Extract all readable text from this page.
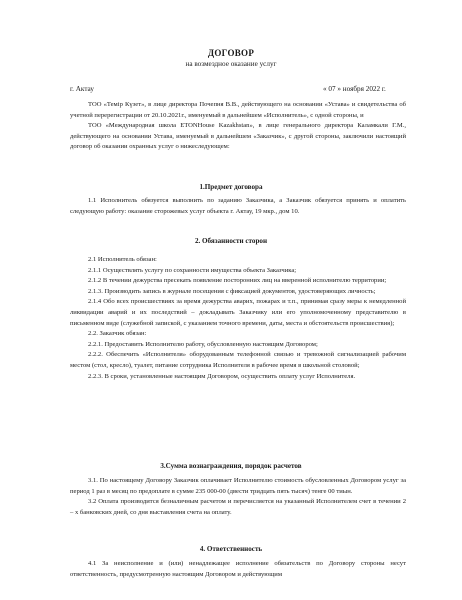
ДОГОВОР
на возмездное оказание услуг
г. Актау	« 07 » ноября 2022 г.

ТОО «Темір Күзет», в лице директора Почепня В.В., действующего на основании «Устава» и свидетельства об учетной перерегистрации от 20.10.2021г., именуемый в дальнейшем «Исполнитель», с одной стороны, и

ТОО «Международная школа ETONHouse Kazakhstan», в лице генерального директора Каламкали Г.М., действующего на основании Устава, именуемый в дальнейшем «Заказчик», с другой стороны, заключили настоящий договор об оказании охранных услуг о нижеследующем:

1.Предмет договора

1.1 Исполнитель обязуется выполнить по заданию Заказчика, а Заказчик обязуется принять и оплатить следующую работу: оказание сторожевых услуг объекта г. Актау, 19 мкр., дом 10.

2. Обязанности сторон

2.1 Исполнитель обязан:

2.1.1 Осуществлять услугу по сохранности имущества объекта Заказчика;

2.1.2 В течении дежурства пресекать появление посторонних лиц на вверенной исполнителю территории;

2.1.3. Производить запись в журнале посещения с фиксацией документов, удостоверяющих личность;

2.1.4 Обо всех происшествиях за время дежурства аварих, пожарах и т.п., принимая сразу меры к немедленной ликвидации аварий и их последствий – докладывать Заказчику или его уполномоченному представителю в письменном виде (служебной запиской, с указанием точного времени, даты, места и обстоятельств происшествия);

2.2. Заказчик обязан:

2.2.1. Предоставить Исполнителю работу, обусловленную настоящим Договором;

2.2.2. Обеспечить «Исполнителя» оборудованным телефонной связью и тревожной сигнализацией рабочим местом (стол, кресло), туалет, питание сотрудника Исполнителя в рабочее время в школьной столовой;

2.2.3. В сроки, установленные настоящим Договором, осуществить оплату услуг Исполнителя.

3.Сумма вознаграждения, порядок расчетов

3.1. По настоящему Договору Заказчик оплачивает Исполнителю стоимость обусловленных Договором услуг за период 1 раз в месяц по предоплате в сумме 235 000-00 (двести тридцать пять тысяч) тенге 00 тиын.

3.2 Оплата производится безналичным расчетом и перечисляется на указанный Исполнителем счет в течении 2 – х банковских дней, со дня выставления счета на оплату.

4. Ответственность

4.1 За неисполнение и (или) ненадлежащее исполнение обязательств по Договору стороны несут ответственность, предусмотренную настоящим Договором и действующим
